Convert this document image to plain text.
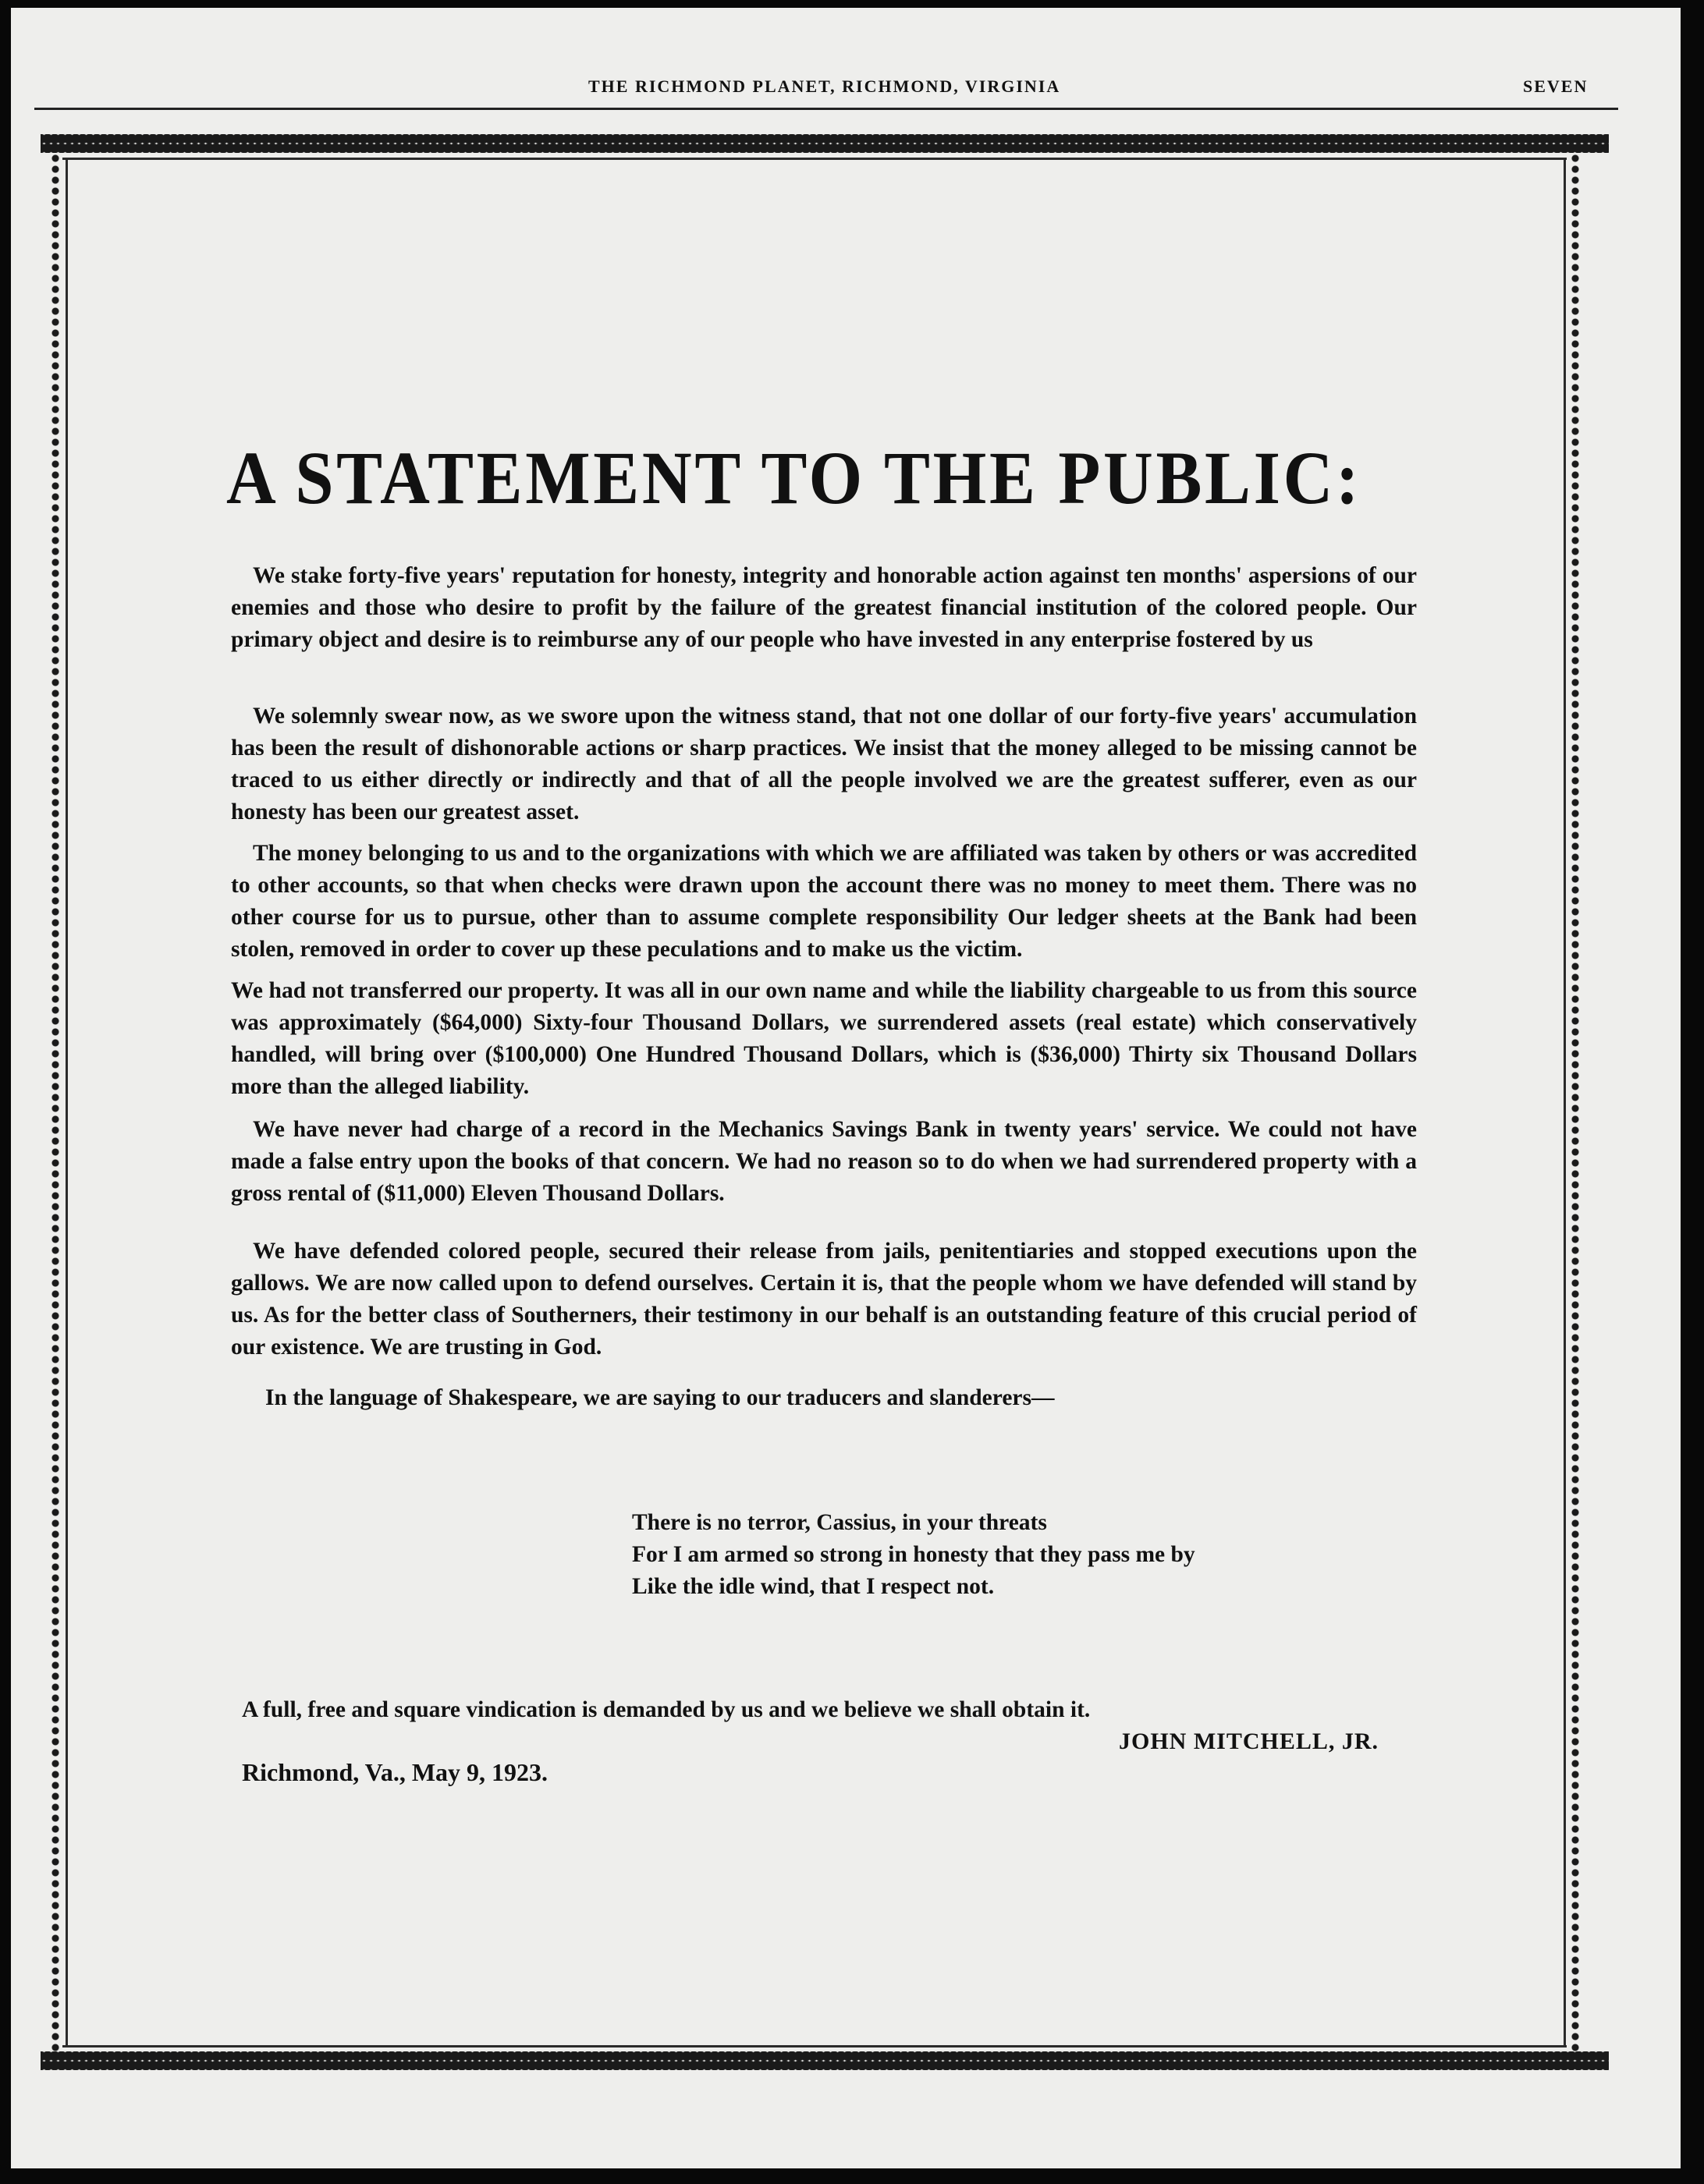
THE RICHMOND PLANET, RICHMOND, VIRGINIA	SEVEN
A STATEMENT TO THE PUBLIC:

We stake forty-five years' reputation for honesty, integrity and honorable action against ten months' aspersions of our enemies and those who desire to profit by the failure of the greatest financial institution of the colored people. Our primary object and desire is to reimburse any of our people who have invested in any enterprise fostered by us

We solemnly swear now, as we swore upon the witness stand, that not one dollar of our forty-five years' accumulation has been the result of dishonorable actions or sharp practices. We insist that the money alleged to be missing cannot be traced to us either directly or indirectly and that of all the people involved we are the greatest sufferer, even as our honesty has been our greatest asset.

The money belonging to us and to the organizations with which we are affiliated was taken by others or was accredited to other accounts, so that when checks were drawn upon the account there was no money to meet them. There was no other course for us to pursue, other than to assume complete responsibility Our ledger sheets at the Bank had been stolen, removed in order to cover up these peculations and to make us the victim.

We had not transferred our property. It was all in our own name and while the liability chargeable to us from this source was approximately ($64,000) Sixty-four Thousand Dollars, we surrendered assets (real estate) which conservatively handled, will bring over ($100,000) One Hundred Thousand Dollars, which is ($36,000) Thirty six Thousand Dollars more than the alleged liability.

We have never had charge of a record in the Mechanics Savings Bank in twenty years' service. We could not have made a false entry upon the books of that concern. We had no reason so to do when we had surrendered property with a gross rental of ($11,000) Eleven Thousand Dollars.

We have defended colored people, secured their release from jails, penitentiaries and stopped executions upon the gallows. We are now called upon to defend ourselves. Certain it is, that the people whom we have defended will stand by us. As for the better class of Southerners, their testimony in our behalf is an outstanding feature of this crucial period of our existence. We are trusting in God.

In the language of Shakespeare, we are saying to our traducers and slanderers—
There is no terror, Cassius, in your threats
For I am armed so strong in honesty that they pass me by
Like the idle wind, that I respect not.
A full, free and square vindication is demanded by us and we believe we shall obtain it.
JOHN MITCHELL, JR.
Richmond, Va., May 9, 1923.
